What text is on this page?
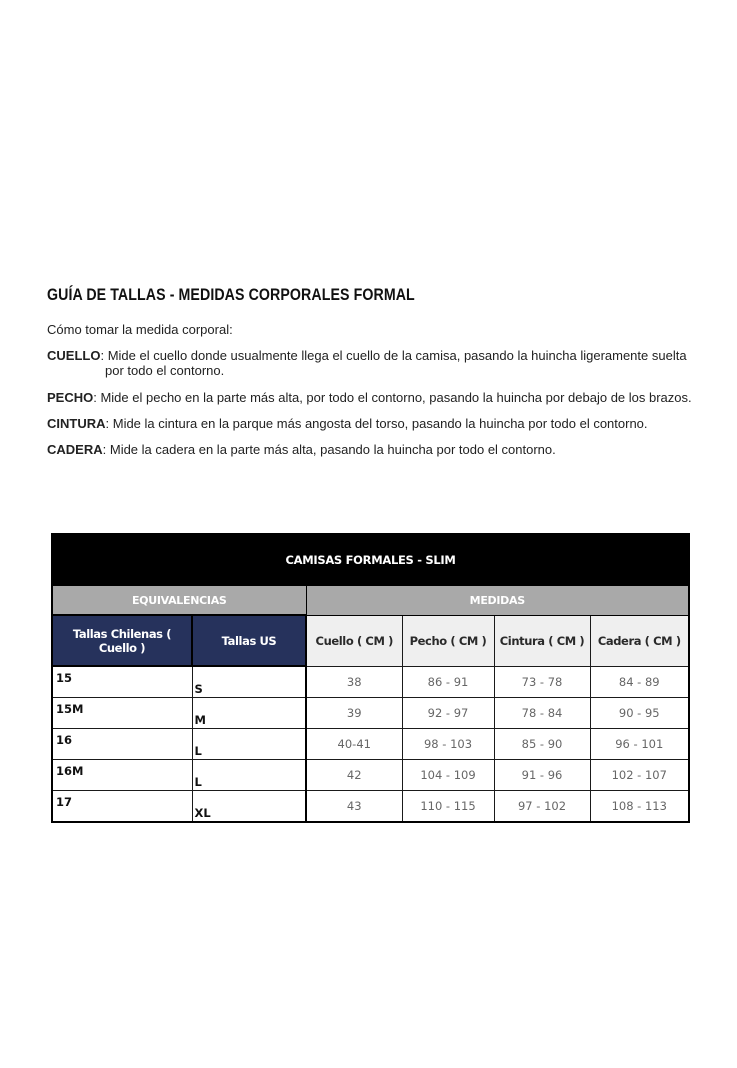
GUÍA DE TALLAS - MEDIDAS CORPORALES FORMAL
Cómo tomar la medida corporal:
CUELLO: Mide el cuello donde usualmente llega el cuello de la camisa, pasando la huincha ligeramente suelta
por todo el contorno.
PECHO: Mide el pecho en la parte más alta, por todo el contorno, pasando la huincha por debajo de los brazos.
CINTURA: Mide la cintura en la parque más angosta del torso, pasando la huincha por todo el contorno.
CADERA: Mide la cadera en la parte más alta, pasando la huincha por todo el contorno.
CAMISAS FORMALES - SLIM					
EQUIVALENCIAS		MEDIDAS			
Tallas Chilenas ( Cuello )	Tallas US	Cuello ( CM )	Pecho ( CM )	Cintura ( CM )	Cadera ( CM )
15	S	38	86 - 91	73 - 78	84 - 89
15M	M	39	92 - 97	78 - 84	90 - 95
16	L	40-41	98 - 103	85 - 90	96 - 101
16M	L	42	104 - 109	91 - 96	102 - 107
17	XL	43	110 - 115	97 - 102	108 - 113
